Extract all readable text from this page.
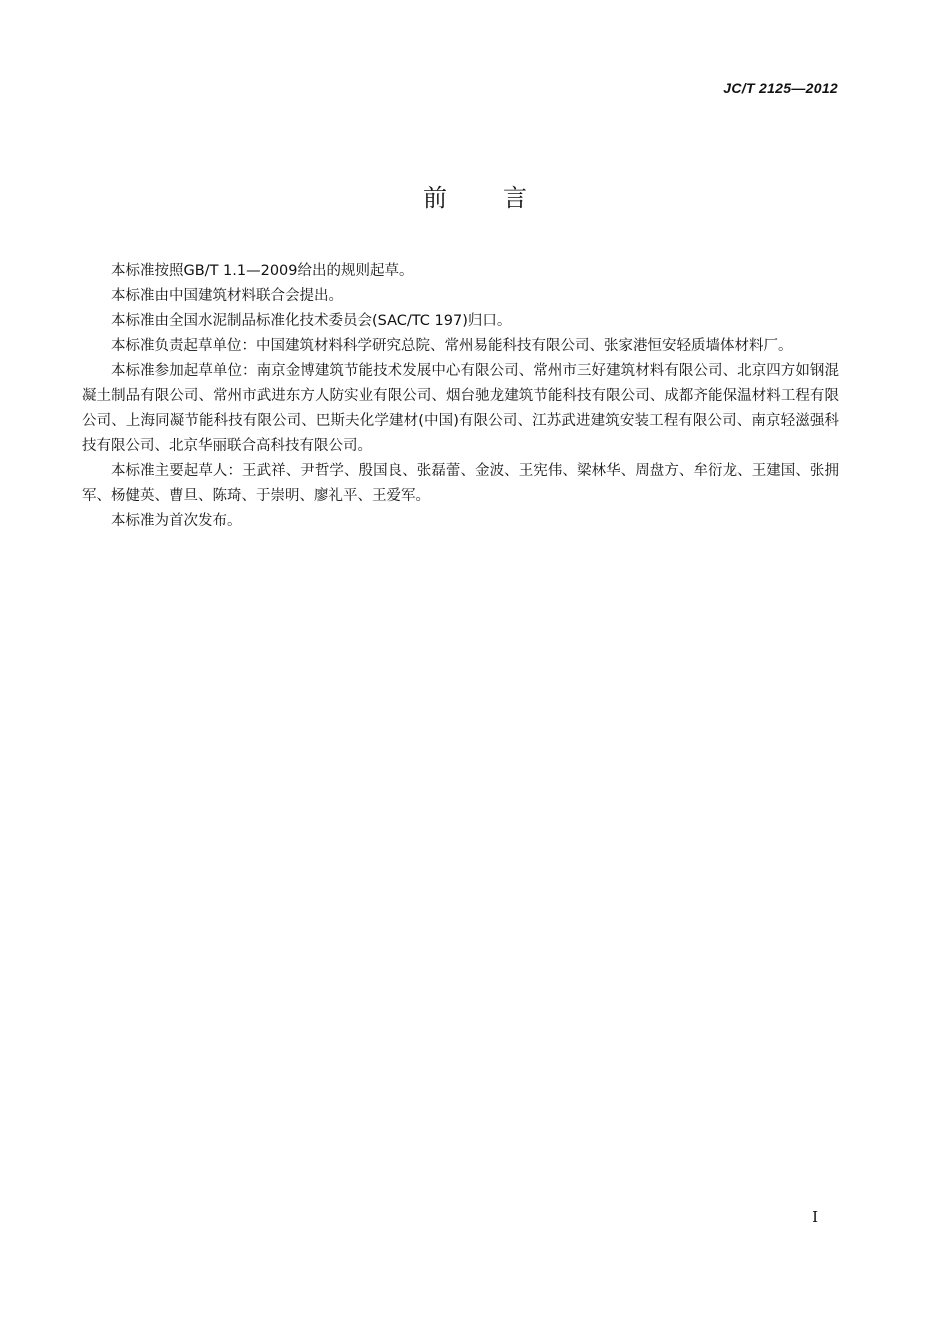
JC/T 2125—2012
前言

本标准按照GB/T 1.1—2009给出的规则起草。

本标准由中国建筑材料联合会提出。

本标准由全国水泥制品标准化技术委员会(SAC/TC 197)归口。

本标准负责起草单位：中国建筑材料科学研究总院、常州易能科技有限公司、张家港恒安轻质墙体材料厂。

本标准参加起草单位：南京金博建筑节能技术发展中心有限公司、常州市三好建筑材料有限公司、北京四方如钢混凝土制品有限公司、常州市武进东方人防实业有限公司、烟台驰龙建筑节能科技有限公司、成都齐能保温材料工程有限公司、上海同凝节能科技有限公司、巴斯夫化学建材(中国)有限公司、江苏武进建筑安装工程有限公司、南京轻滋强科技有限公司、北京华丽联合高科技有限公司。

本标准主要起草人：王武祥、尹哲学、殷国良、张磊蕾、金波、王宪伟、梁林华、周盘方、牟衍龙、王建国、张拥军、杨健英、曹旦、陈琦、于崇明、廖礼平、王爱军。

本标准为首次发布。

I
